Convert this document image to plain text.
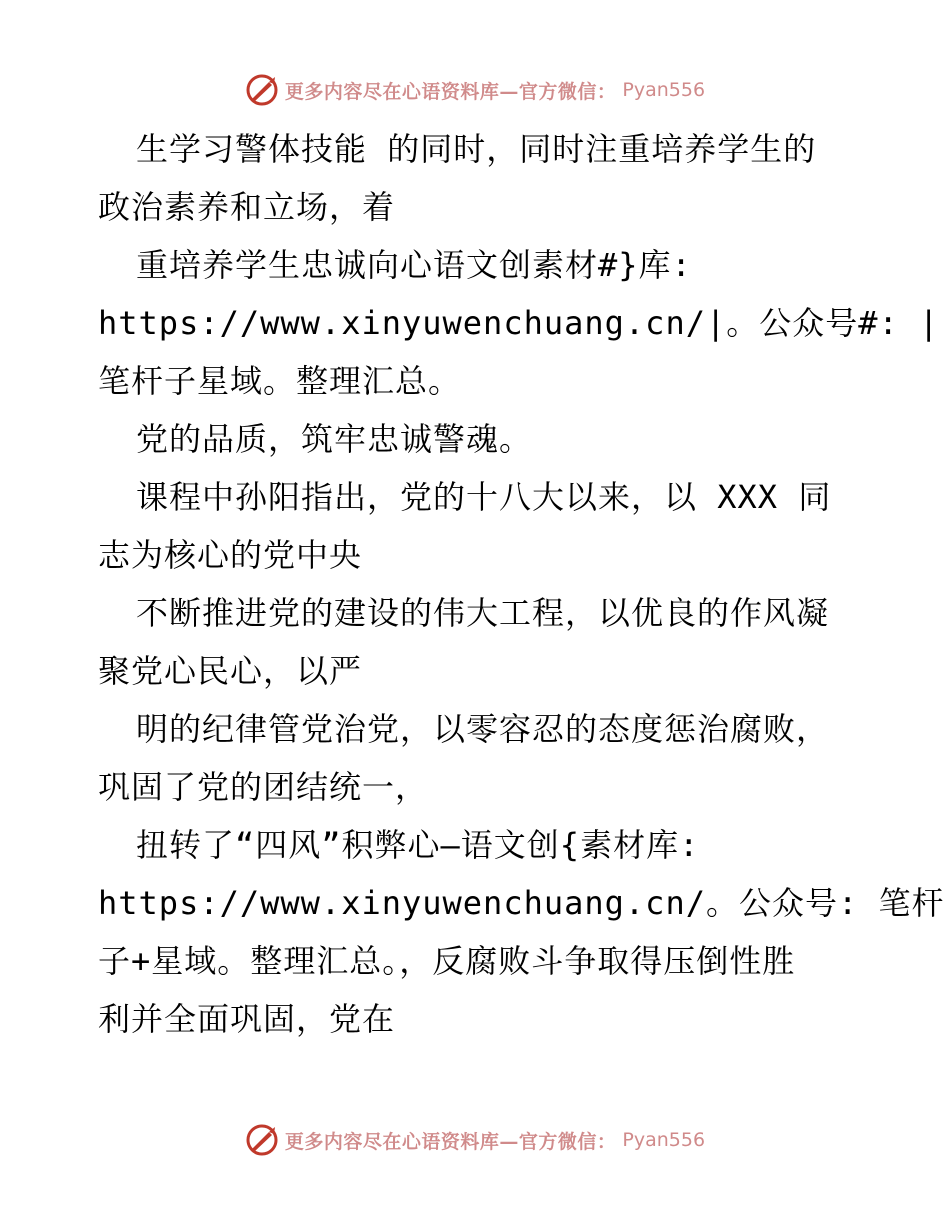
更多内容尽在心语资料库—官方微信： Pyan556
生学习警体技能 的同时，同时注重培养学生的
政治素养和立场，着
重培养学生忠诚向心语文创素材#}库:
https://www.xinyuwenchuang.cn/|。公众号#: |
笔杆子星域。整理汇总。
党的品质，筑牢忠诚警魂。
课程中孙阳指出，党的十八大以来，以 XXX 同
志为核心的党中央
不断推进党的建设的伟大工程，以优良的作风凝
聚党心民心，以严
明的纪律管党治党，以零容忍的态度惩治腐败，
巩固了党的团结统一，
扭转了“四风”积弊心—语文创{素材库:
https://www.xinyuwenchuang.cn/。公众号: 笔杆
子+星域。整理汇总。，反腐败斗争取得压倒性胜
利并全面巩固，党在
更多内容尽在心语资料库—官方微信： Pyan556
